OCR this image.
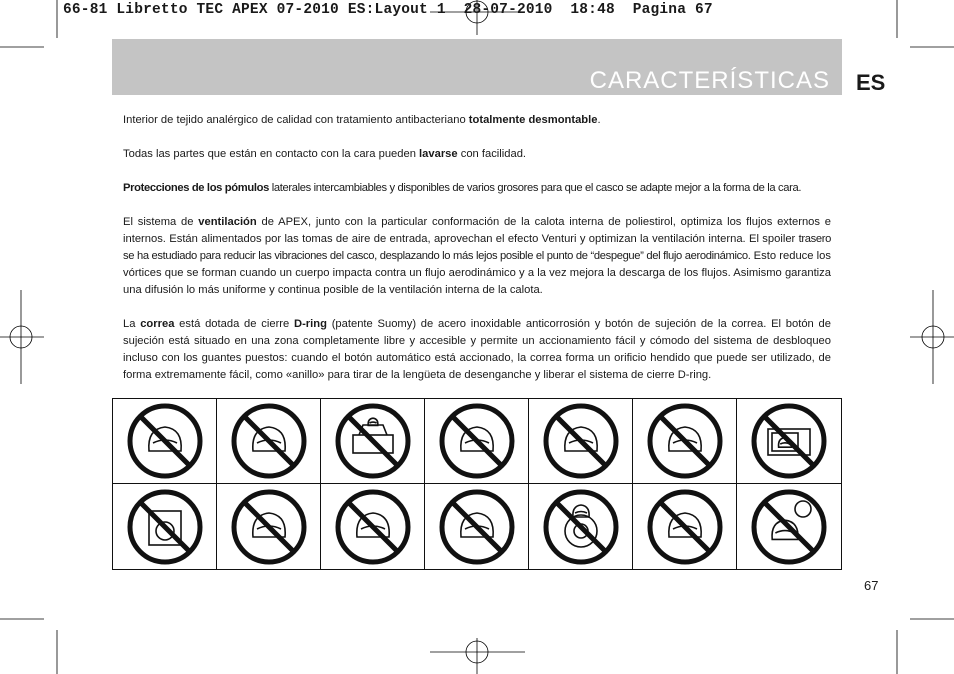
66-81 Libretto TEC APEX 07-2010 ES:Layout 1  28-07-2010  18:48  Pagina 67
CARACTERÍSTICAS ES

Interior de tejido analérgico de calidad con tratamiento antibacteriano totalmente desmontable.

Todas las partes que están en contacto con la cara pueden lavarse con facilidad.

Protecciones de los pómulos laterales intercambiables y disponibles de varios grosores para que el casco se adapte mejor a la forma de la cara.

El sistema de ventilación de APEX, junto con la particular conformación de la calota interna de poliestirol, optimiza los flujos externos e internos. Están alimentados por las tomas de aire de entrada, aprovechan el efecto Venturi y optimizan la ventilación interna. El spoiler trasero se ha estudiado para reducir las vibraciones del casco, desplazando lo más lejos posible el punto de “despegue” del flujo aerodinámico. Esto reduce los vórtices que se forman cuando un cuerpo impacta contra un flujo aerodinámico y a la vez mejora la descarga de los flujos. Asimismo garantiza una difusión lo más uniforme y continua posible de la ventilación interna de la calota.

La correa está dotada de cierre D-ring (patente Suomy) de acero inoxidable anticorrosión y botón de sujeción de la correa. El botón de sujeción está situado en una zona completamente libre y accesible y permite un accionamiento fácil y cómodo del sistema de desbloqueo incluso con los guantes puestos: cuando el botón automático está accionado, la correa forma un orificio hendido que puede ser utilizado, de forma extremamente fácil, como «anillo» para tirar de la lengüeta de desenganche y liberar el sistema de cierre D-ring.

67
